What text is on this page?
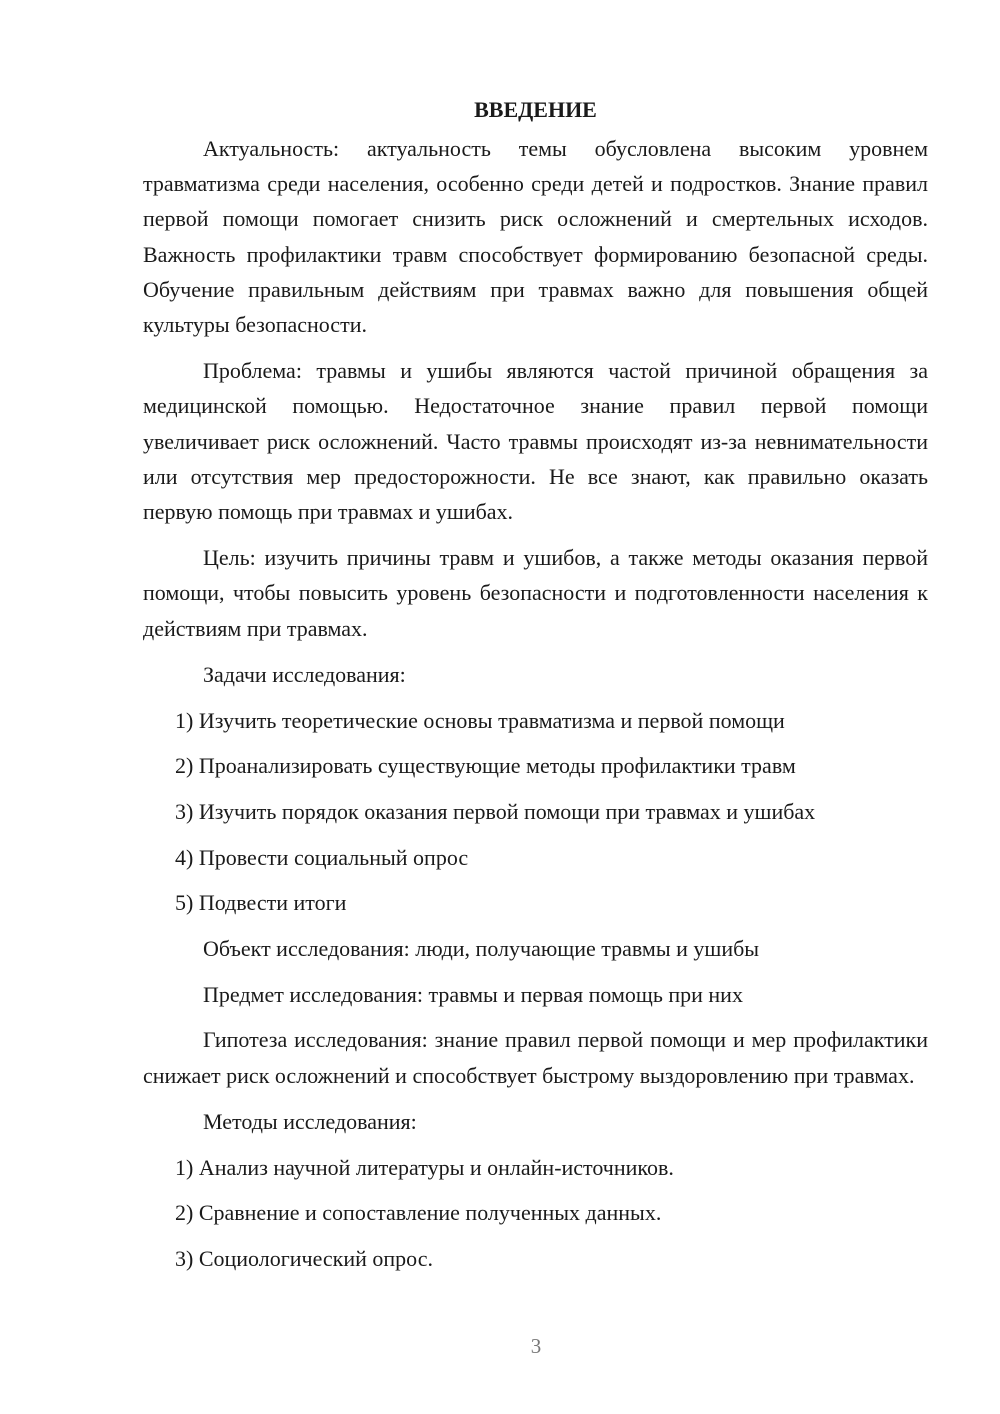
ВВЕДЕНИЕ

Актуальность: актуальность темы обусловлена высоким уровнем травматизма среди населения, особенно среди детей и подростков. Знание правил первой помощи помогает снизить риск осложнений и смертельных исходов. Важность профилактики травм способствует формированию безопасной среды. Обучение правильным действиям при травмах важно для повышения общей культуры безопасности.

Проблема: травмы и ушибы являются частой причиной обращения за медицинской помощью. Недостаточное знание правил первой помощи увеличивает риск осложнений. Часто травмы происходят из-за невнимательности или отсутствия мер предосторожности. Не все знают, как правильно оказать первую помощь при травмах и ушибах.

Цель: изучить причины травм и ушибов, а также методы оказания первой помощи, чтобы повысить уровень безопасности и подготовленности населения к действиям при травмах.

Задачи исследования:
1) Изучить теоретические основы травматизма и первой помощи
2) Проанализировать существующие методы профилактики травм
3) Изучить порядок оказания первой помощи при травмах и ушибах
4) Провести социальный опрос
5) Подвести итоги
Объект исследования: люди, получающие травмы и ушибы
Предмет исследования: травмы и первая помощь при них

Гипотеза исследования: знание правил первой помощи и мер профилактики снижает риск осложнений и способствует быстрому выздоровлению при травмах.

Методы исследования:
1) Анализ научной литературы и онлайн-источников.
2) Сравнение и сопоставление полученных данных.
3) Социологический опрос.
3
